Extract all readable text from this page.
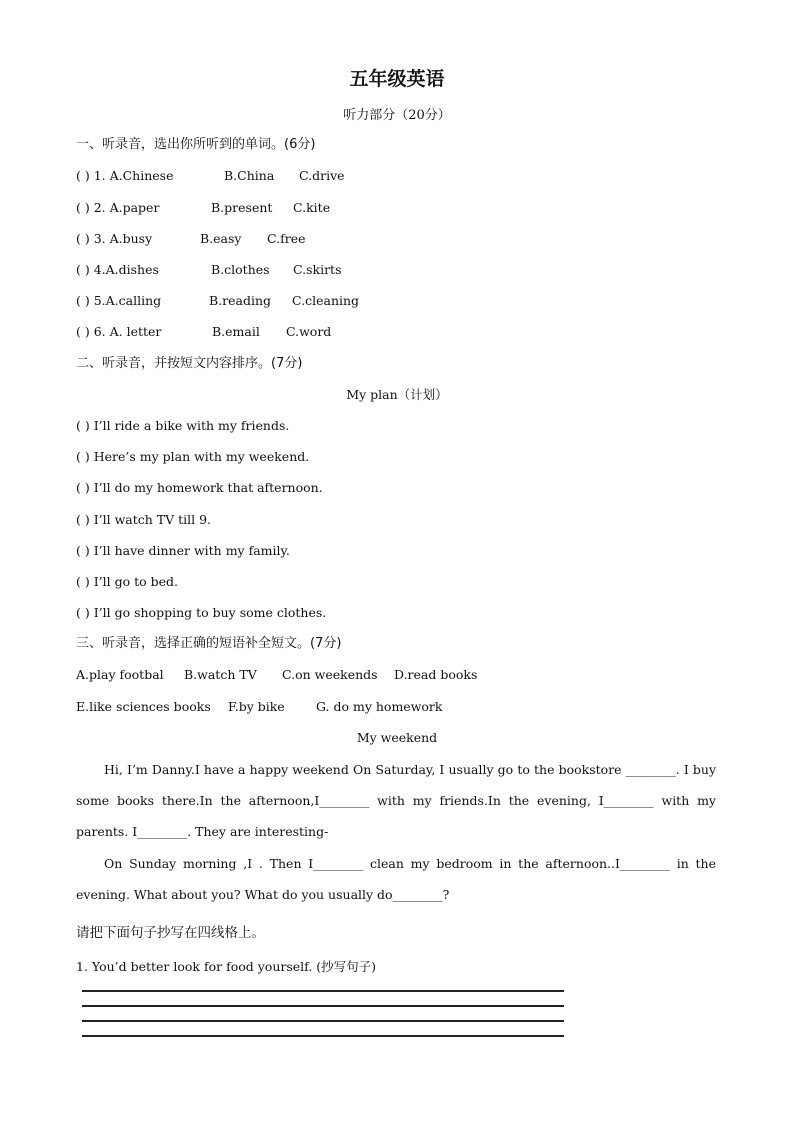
五年级英语
听力部分（20分）
一、听录音，选出你所听到的单词。(6分)
( ) 1. A.Chinese	B.China C.drive
( ) 2. A.paper	B.present C.kite
( ) 3. A.busy	B.easy C.free
( ) 4.A.dishes	B.clothes C.skirts
( ) 5.A.calling	B.reading C.cleaning
( ) 6. A. letter	B.email C.word
二、听录音，并按短文内容排序。(7分)
My plan（计划）
( ) I’ll ride a bike with my friends.
( ) Here’s my plan with my weekend.
( ) I’ll do my homework that afternoon.
( ) I’ll watch TV till 9.
( ) I’ll have dinner with my family.
( ) I’ll go to bed.
( ) I’ll go shopping to buy some clothes.
三、听录音，选择正确的短语补全短文。(7分)
A.play footbal B.watch TV C.on weekends D.read books
E.like sciences books F.by bike	G. do my homework
My weekend
Hi, I’m Danny.I have a happy weekend On Saturday, I usually go to the bookstore ________. I buy some books there.In the afternoon,I________ with my friends.In the evening, I________ with my parents. I________. They are interesting-
On Sunday morning ,I . Then I________ clean my bedroom in the afternoon..I________ in the evening. What about you? What do you usually do________?
请把下面句子抄写在四线格上。
1. You’d better look for food yourself. (抄写句子)
